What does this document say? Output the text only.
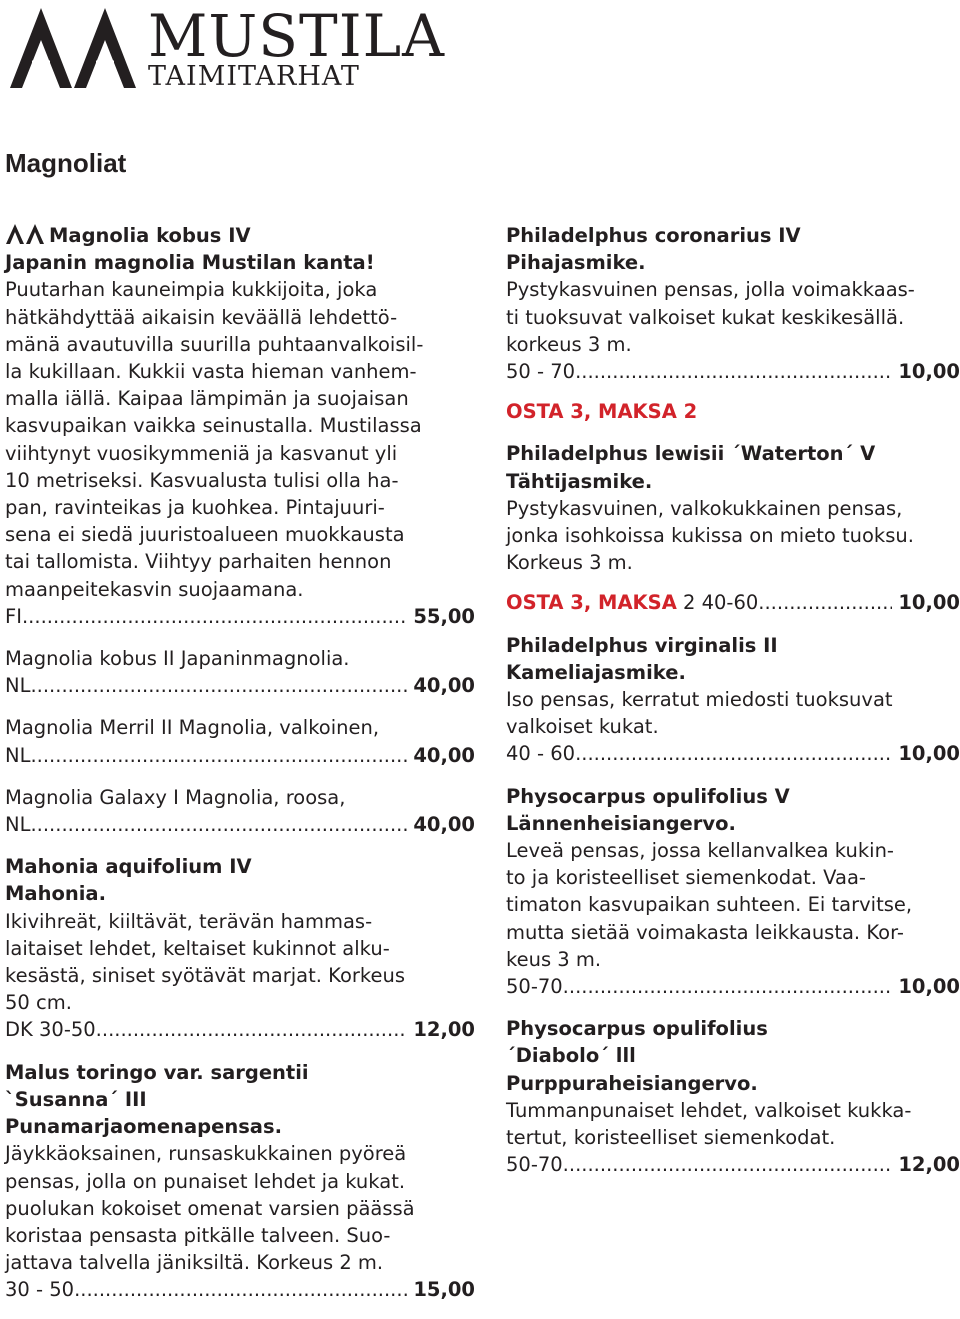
MUSTILA
TAIMITARHAT
Magnoliat
Magnolia kobus IV
Japanin magnolia Mustilan kanta!
Puutarhan kauneimpia kukkijoita, joka
hätkähdyttää aikaisin keväällä lehdettö-
mänä avautuvilla suurilla puhtaanvalkoisil-
la kukillaan. Kukkii vasta hieman vanhem-
malla iällä. Kaipaa lämpimän ja suojaisan
kasvupaikan vaikka seinustalla. Mustilassa
viihtynyt vuosikymmeniä ja kasvanut yli
10 metriseksi. Kasvualusta tulisi olla ha-
pan, ravinteikas ja kuohkea. Pintajuuri-
sena ei siedä juuristoalueen muokkausta
tai tallomista. Viihtyy parhaiten hennon
maanpeitekasvin suojaamana.
FI .....
	55,00
Magnolia kobus II Japaninmagnolia.
NL .....
	40,00
Magnolia Merril II Magnolia, valkoinen,
NL .....
	40,00
Magnolia Galaxy I Magnolia, roosa,
NL .....
	40,00
Mahonia aquifolium IV
Mahonia.
Ikivihreät, kiiltävät, terävän hammas-
laitaiset lehdet, keltaiset kukinnot alku-
kesästä, siniset syötävät marjat. Korkeus
50 cm.
DK 30-50 .....
	12,00
Malus toringo var. sargentii
`Susanna´ III
Punamarjaomenapensas.
Jäykkäoksainen, runsaskukkainen pyöreä
pensas, jolla on punaiset lehdet ja kukat.
puolukan kokoiset omenat varsien päässä
koristaa pensasta pitkälle talveen. Suo-
jattava talvella jäniksiltä. Korkeus 2 m.
30 - 50 .....
	15,00
Philadelphus coronarius IV
Pihajasmike.
Pystykasvuinen pensas, jolla voimakkaas-
ti tuoksuvat valkoiset kukat keskikesällä.
korkeus 3 m.
50 - 70 .....
	10,00
OSTA 3, MAKSA 2
Philadelphus lewisii ´Waterton´ V
Tähtijasmike.
Pystykasvuinen, valkokukkainen pensas,
jonka isohkoissa kukissa on mieto tuoksu.
Korkeus 3 m.
OSTA 3, MAKSA
2 40-60 .....
	10,00
Philadelphus virginalis II
Kameliajasmike.
Iso pensas, kerratut miedosti tuoksuvat
valkoiset kukat.
40 - 60 .....
	10,00
Physocarpus opulifolius V
Lännenheisiangervo.
Leveä pensas, jossa kellanvalkea kukin-
to ja koristeelliset siemenkodat. Vaa-
timaton kasvupaikan suhteen. Ei tarvitse,
mutta sietää voimakasta leikkausta. Kor-
keus 3 m.
50-70 .....
	10,00
Physocarpus opulifolius
´Diabolo´ lll
Purppuraheisiangervo.
Tummanpunaiset lehdet, valkoiset kukka-
tertut, koristeelliset siemenkodat.
50-70 .....
	12,00
